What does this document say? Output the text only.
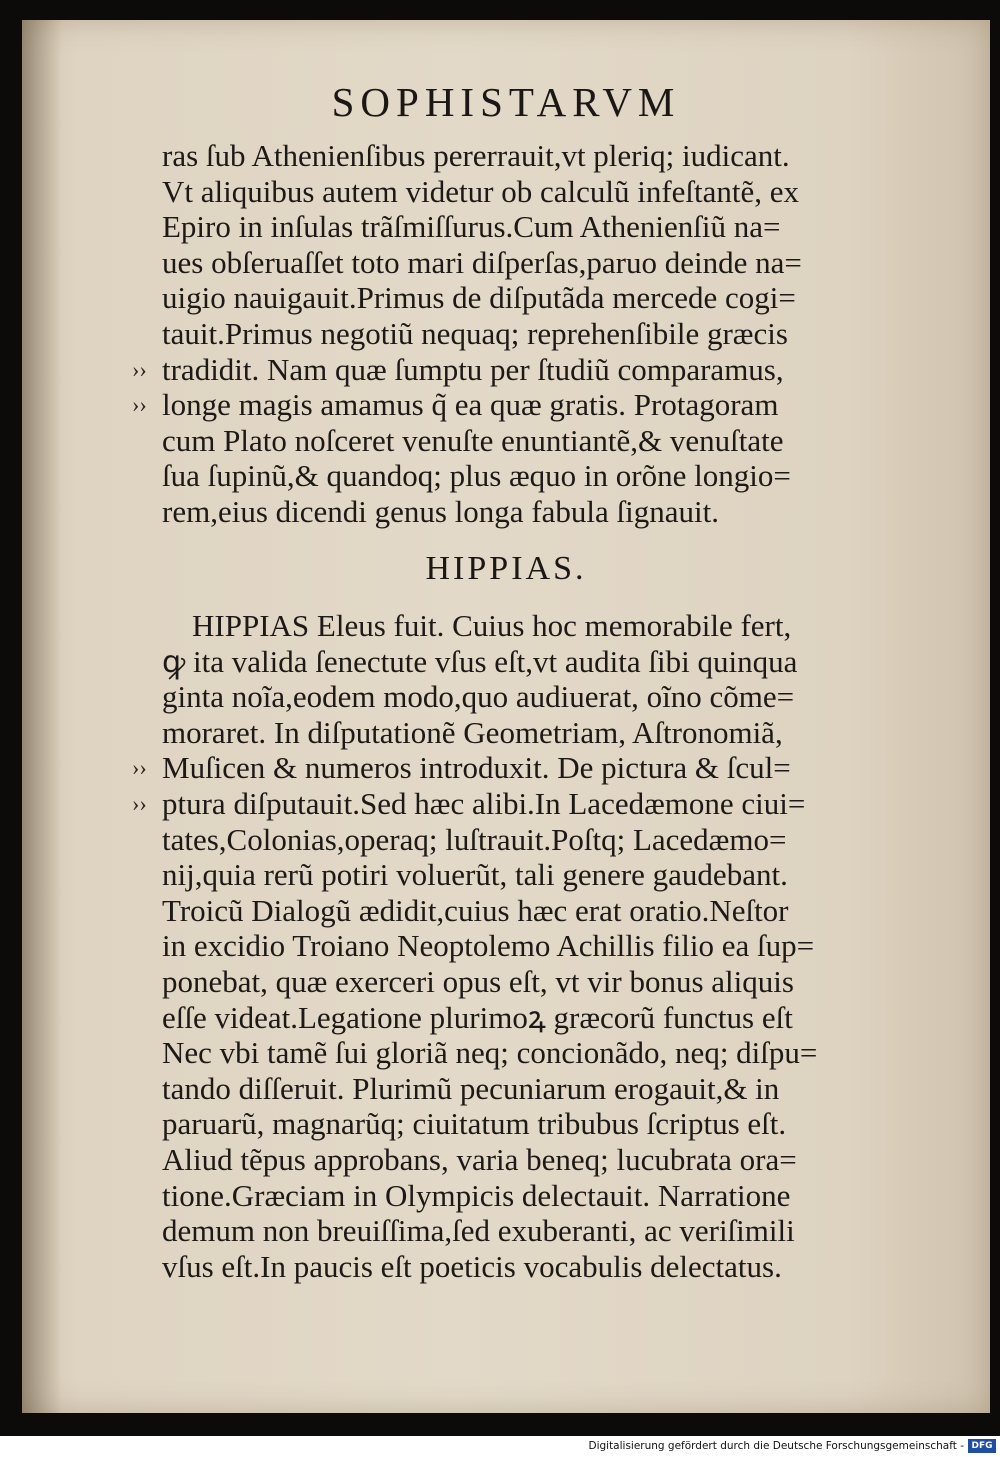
SOPHISTARVM
ras ſub Athenienſibus pererrauit,vt pleriq; iudicant.
Vt aliquibus autem videtur ob calculũ infeſtantẽ, ex
Epiro in inſulas trãſmiſſurus.Cum Athenienſiũ na=
ues obſeruaſſet toto mari diſperſas,paruo deinde na=
uigio nauigauit.Primus de diſputãda mercede cogi=
tauit.Primus negotiũ nequaq; reprehenſibile græcis
›› tradidit. Nam quæ ſumptu per ſtudiũ comparamus,
›› longe magis amamus q̃ ea quæ gratis. Protagoram
cum Plato noſceret venuſte enuntiantẽ,& venuſtate
ſua ſupinũ,& quandoq; plus æquo in orõne longio=
rem,eius dicendi genus longa fabula ſignauit.
HIPPIAS.
HIPPIAS Eleus fuit. Cuius hoc memorabile fert,
ꝙ ita valida ſenectute vſus eſt,vt audita ſibi quinqua
ginta noĩa,eodem modo,quo audiuerat, oĩno cõme=
moraret. In diſputationẽ Geometriam, Aſtronomiã,
›› Muſicen & numeros introduxit. De pictura & ſcul=
›› ptura diſputauit.Sed hæc alibi.In Lacedæmone ciui=
tates,Colonias,operaq; luſtrauit.Poſtq; Lacedæmo=
nij,quia rerũ potiri voluerũt, tali genere gaudebant.
Troicũ Dialogũ ædidit,cuius hæc erat oratio.Neſtor
in excidio Troiano Neoptolemo Achillis filio ea ſup=
ponebat, quæ exerceri opus eſt, vt vir bonus aliquis
eſſe videat.Legatione plurimoꝝ græcorũ functus eſt
Nec vbi tamẽ ſui gloriã neq; concionãdo, neq; diſpu=
tando diſſeruit. Plurimũ pecuniarum erogauit,& in
paruarũ, magnarũq; ciuitatum tribubus ſcriptus eſt.
Aliud tẽpus approbans, varia beneq; lucubrata ora=
tione.Græciam in Olympicis delectauit. Narratione
demum non breuiſſima,ſed exuberanti, ac veriſimili
vſus eſt.In paucis eſt poeticis vocabulis delectatus.
Digitalisierung gefördert durch die Deutsche Forschungsgemeinschaft - DFG
